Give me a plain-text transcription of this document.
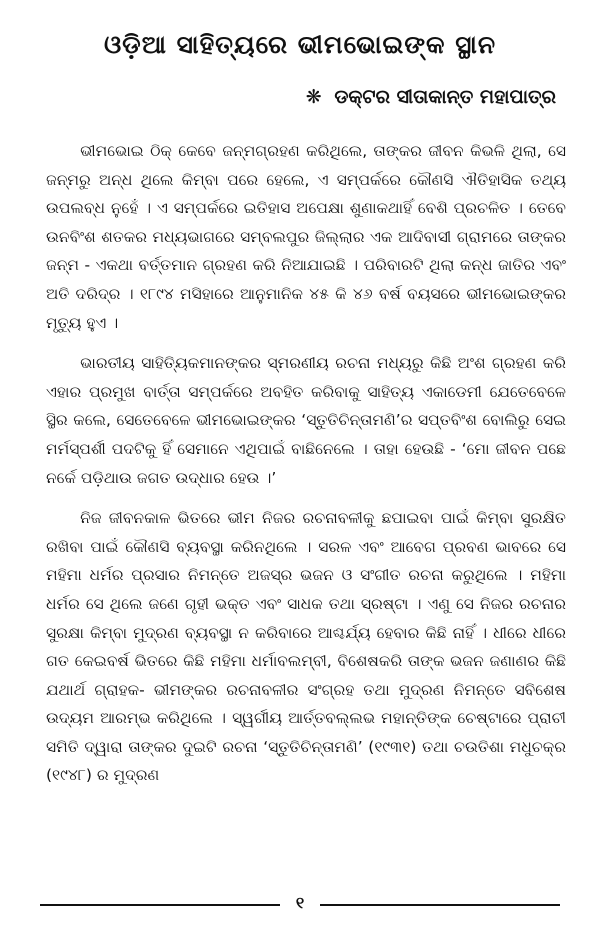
ଓଡ଼ିଆ ସାହିତ୍ୟରେ ଭୀମଭୋଇଙ୍କ ସ୍ଥାନ
❋ ଡକ୍ଟର ସୀତାକାନ୍ତ ମହାପାତ୍ର

ଭୀମଭୋଇ ଠିକ୍ କେବେ ଜନ୍ମଗ୍ରହଣ କରିଥିଲେ, ତାଙ୍କର ଜୀବନ କିଭଳି ଥିଲା, ସେ ଜନ୍ମରୁ ଅନ୍ଧ ଥିଲେ କିମ୍ବା ପରେ ହେଲେ, ଏ ସମ୍ପର୍କରେ କୌଣସି ଐତିହାସିକ ତଥ୍ୟ ଉପଲବ୍ଧ ନୁହେଁ । ଏ ସମ୍ପର୍କରେ ଇତିହାସ ଅପେକ୍ଷା ଶୁଣାକଥାହିଁ ବେଶି ପ୍ରଚଳିତ । ତେବେ ଉନବିଂଶ ଶତକର ମଧ୍ୟଭାଗରେ ସମ୍ବଲପୁର ଜିଲ୍ଲାର ଏକ ଆଦିବାସୀ ଗ୍ରାମରେ ତାଙ୍କର ଜନ୍ମ - ଏକଥା ବର୍ତ୍ତମାନ ଗ୍ରହଣ କରି ନିଆଯାଇଛି । ପରିବାରଟି ଥିଲା କନ୍ଧ ଜାତିର ଏବଂ ଅତି ଦରିଦ୍ର । ୧୮୯୪ ମସିହାରେ ଆନୁମାନିକ ୪୫ କି ୪୬ ବର୍ଷ ବୟସରେ ଭୀମଭୋଇଙ୍କର ମୃତ୍ୟୁ ହୁଏ ।

ଭାରତୀୟ ସାହିତ୍ୟିକମାନଙ୍କର ସ୍ମରଣୀୟ ରଚନା ମଧ୍ୟରୁ କିଛି ଅଂଶ ଗ୍ରହଣ କରି ଏହାର ପ୍ରମୁଖ ବାର୍ତ୍ତା ସମ୍ପର୍କରେ ଅବହିତ କରିବାକୁ ସାହିତ୍ୟ ଏକାଡେମୀ ଯେତେବେଳେ ସ୍ଥିର କଲେ, ସେତେବେଳେ ଭୀମଭୋଇଙ୍କର ‘ସ୍ତୁତିଚିନ୍ତାମଣି’ର ସପ୍ତବିଂଶ ବୋଲିରୁ ସେଇ ମର୍ମସ୍ପର୍ଶୀ ପଦଟିକୁ ହିଁ ସେମାନେ ଏଥିପାଇଁ ବାଛିନେଲେ । ତାହା ହେଉଛି - ‘ମୋ ଜୀବନ ପଛେ ନର୍କେ ପଡ଼ିଥାଉ ଜଗତ ଉଦ୍ଧାର ହେଉ ।’

ନିଜ ଜୀବନକାଳ ଭିତରେ ଭୀମ ନିଜର ରଚନାବଳୀକୁ ଛପାଇବା ପାଇଁ କିମ୍ବା ସୁରକ୍ଷିତ ରଖିବା ପାଇଁ କୌଣସି ବ୍ୟବସ୍ଥା କରିନଥିଲେ । ସରଳ ଏବଂ ଆବେଗ ପ୍ରବଣ ଭାବରେ ସେ ମହିମା ଧର୍ମର ପ୍ରସାର ନିମନ୍ତେ ଅଜସ୍ର ଭଜନ ଓ ସଂଗୀତ ରଚନା କରୁଥିଲେ । ମହିମା ଧର୍ମର ସେ ଥିଲେ ଜଣେ ଗୃହୀ ଭକ୍ତ ଏବଂ ସାଧକ ତଥା ସ୍ରଷ୍ଟା । ଏଣୁ ସେ ନିଜର ରଚନାର ସୁରକ୍ଷା କିମ୍ବା ମୁଦ୍ରଣ ବ୍ୟବସ୍ଥା ନ କରିବାରେ ଆଶ୍ଚର୍ଯ୍ୟ ହେବାର କିଛି ନାହିଁ । ଧୀରେ ଧୀରେ ଗତ କେଇବର୍ଷ ଭିତରେ କିଛି ମହିମା ଧର୍ମାବଲମ୍ବୀ, ବିଶେଷକରି ତାଙ୍କ ଭଜନ ଜଣାଣର କିଛି ଯଥାର୍ଥ ଗ୍ରାହକ- ଭୀମଙ୍କର ରଚନାବଳୀର ସଂଗ୍ରହ ତଥା ମୁଦ୍ରଣ ନିମନ୍ତେ ସବିଶେଷ ଉଦ୍ୟମ ଆରମ୍ଭ କରିଥିଲେ । ସ୍ୱର୍ଗୀୟ ଆର୍ତ୍ତବଲ୍ଲଭ ମହାନ୍ତିଙ୍କ ଚେଷ୍ଟାରେ ପ୍ରାଚୀ ସମିତି ଦ୍ୱାରା ତାଙ୍କର ଦୁଇଟି ରଚନା ‘ସ୍ତୁତିଚିନ୍ତାମଣି’ (୧୯୩୧) ତଥା ଚଉତିଶା ମଧୁଚକ୍ର (୧୯୪୮) ର ମୁଦ୍ରଣ

୧
